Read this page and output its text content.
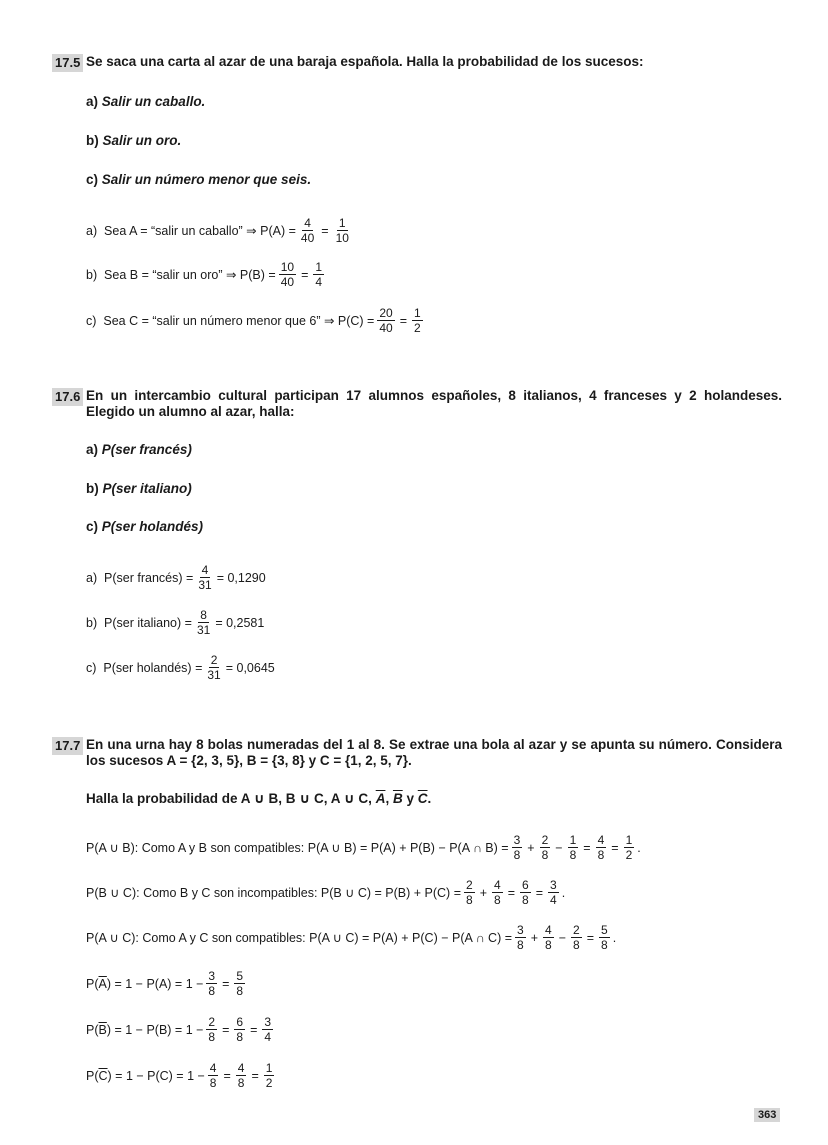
17.5 Se saca una carta al azar de una baraja española. Halla la probabilidad de los sucesos:
a) Salir un caballo.
b) Salir un oro.
c) Salir un número menor que seis.
a)  Sea A = “salir un caballo” ⇒ $P(A) = \frac{4}{40} = \frac{1}{10}$
b)  Sea B = “salir un oro” ⇒ $P(B) = \frac{10}{40} = \frac{1}{4}$
c)  Sea C = “salir un número menor que 6” ⇒ $P(C) = \frac{20}{40} = \frac{1}{2}$
17.6 En un intercambio cultural participan 17 alumnos españoles, 8 italianos, 4 franceses y 2 holandeses. Elegido un alumno al azar, halla:
a) P(ser francés)
b) P(ser italiano)
c) P(ser holandés)
a)  P(ser francés) = $\frac{4}{31} = 0,1290$
b)  P(ser italiano) = $\frac{8}{31} = 0,2581$
c)  P(ser holandés) = $\frac{2}{31} = 0,0645$
17.7 En una urna hay 8 bolas numeradas del 1 al 8. Se extrae una bola al azar y se apunta su número. Considera los sucesos A = {2, 3, 5}, B = {3, 8} y C = {1, 2, 5, 7}.
Halla la probabilidad de A ∪ B, B ∪ C, A ∪ C, $\overline{A}$, $\overline{B}$ y $\overline{C}$.
P(A ∪ B): Como A y B son compatibles: P(A ∪ B) = P(A) + P(B) − P(A ∩ $B) = \frac{3}{8} + \frac{2}{8} - \frac{1}{8} = \frac{4}{8} = \frac{1}{2}$ .
P(B ∪ C): Como B y C son incompatibles: P(B ∪ $C) = P(B) + P(C) = \frac{2}{8} + \frac{4}{8} = \frac{6}{8} = \frac{3}{4}$ .
P(A ∪ C): Como A y C son compatibles: P(A ∪ C) = P(A) + P(C) − P(A ∩ $C) = \frac{3}{8} + \frac{4}{8} - \frac{2}{8} = \frac{5}{8}$ .
P( $\overline{A}$ ) = $1 - P(A) = 1 - \frac{3}{8} = \frac{5}{8}$
P( $\overline{B}$ ) = $1 - P(B) = 1 - \frac{2}{8} = \frac{6}{8} = \frac{3}{4}$
P( $\overline{C}$ ) = $1 - P(C) = 1 - \frac{4}{8} = \frac{4}{8} = \frac{1}{2}$
363
